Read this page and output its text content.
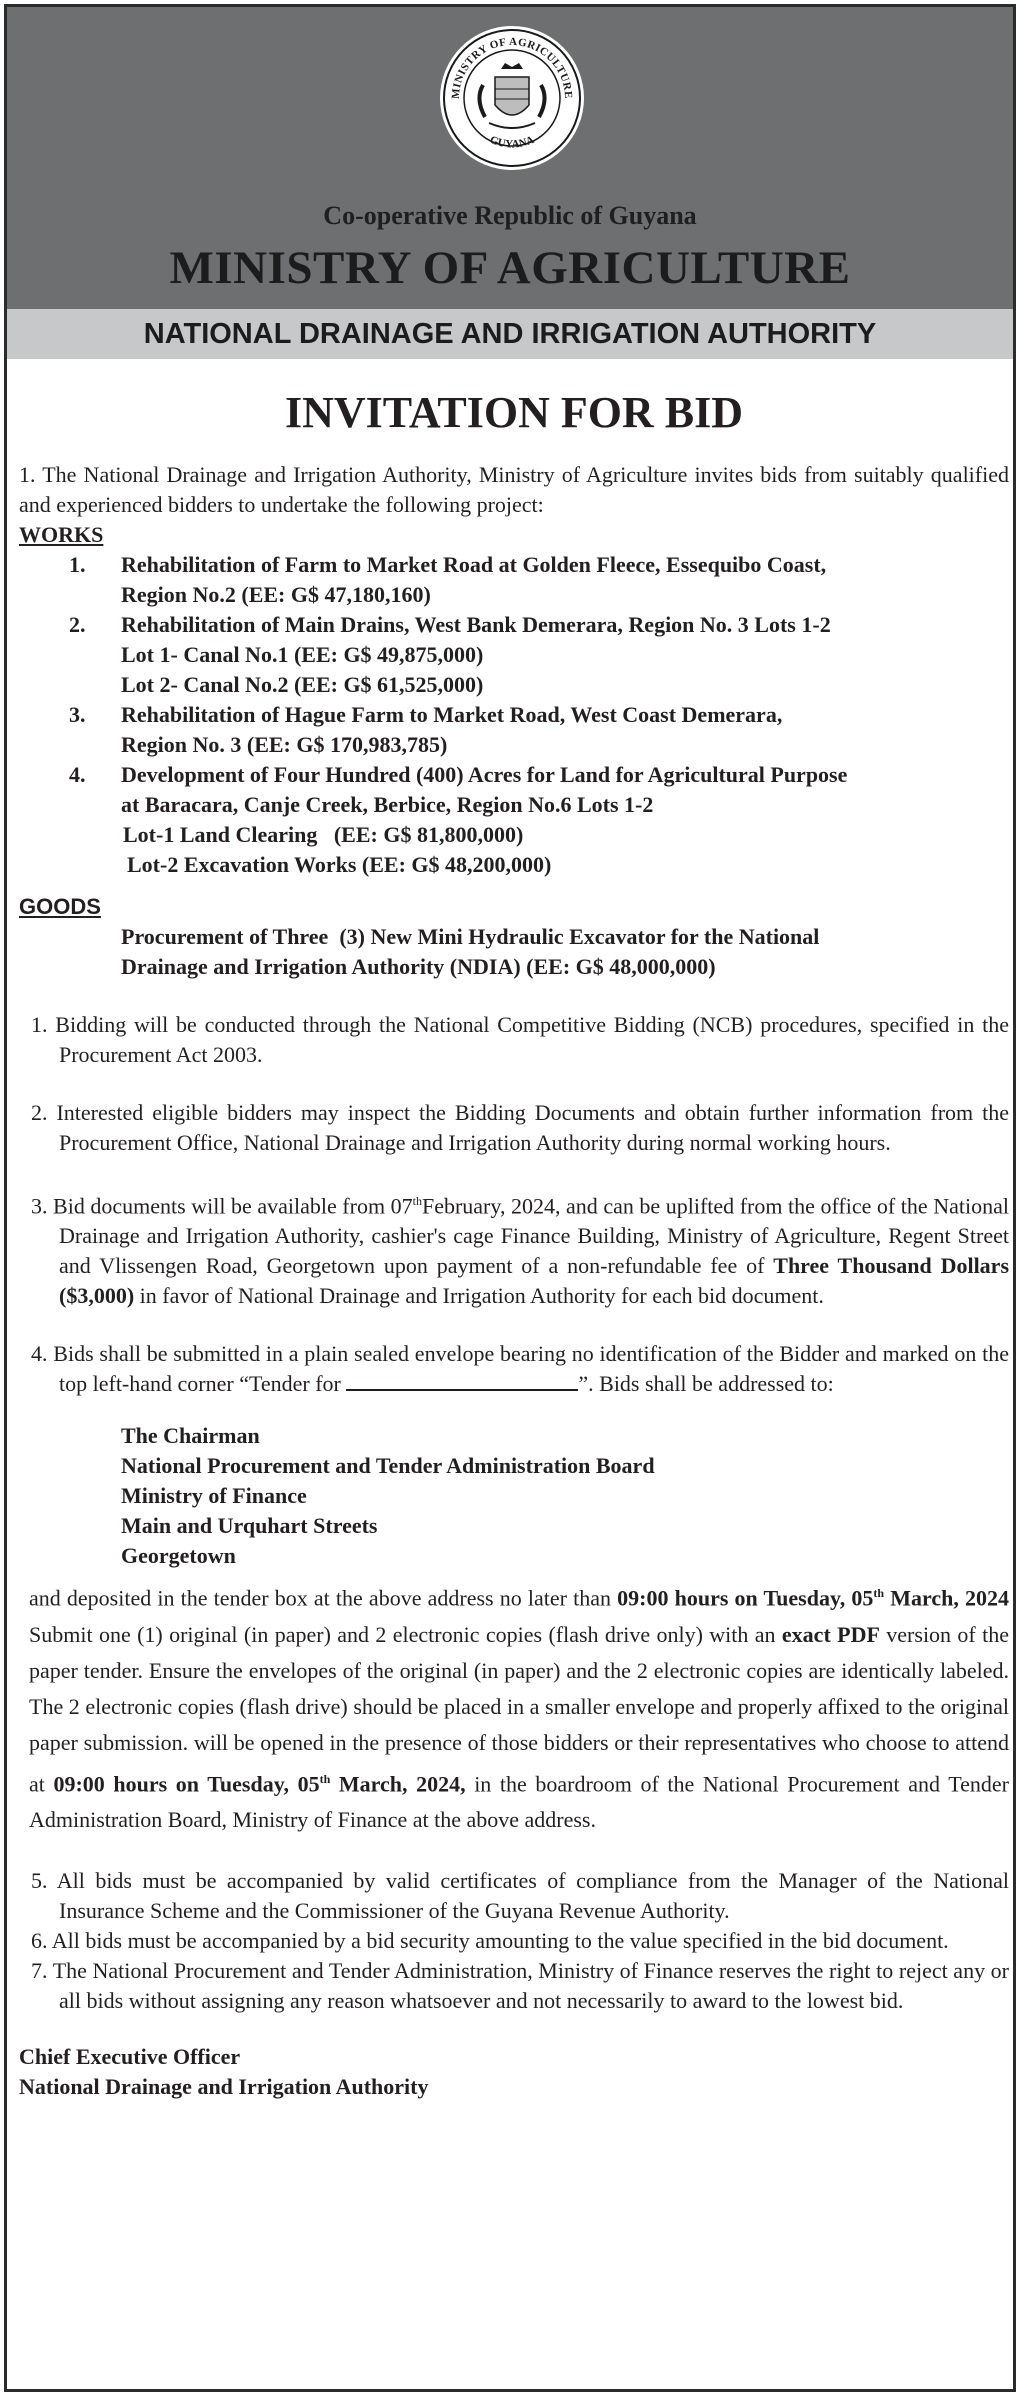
MINISTRY OF AGRICULTURE
GUYANA
Co-operative Republic of Guyana
MINISTRY OF AGRICULTURE
NATIONAL DRAINAGE AND IRRIGATION AUTHORITY
INVITATION FOR BID

1. The National Drainage and Irrigation Authority, Ministry of Agriculture invites bids from suitably qualified and experienced bidders to undertake the following project:

WORKS
1. Rehabilitation of Farm to Market Road at Golden Fleece, Essequibo Coast,
Region No.2 (EE: G$ 47,180,160)
2. Rehabilitation of Main Drains, West Bank Demerara, Region No. 3 Lots 1-2
Lot 1- Canal No.1 (EE: G$ 49,875,000)
Lot 2- Canal No.2 (EE: G$ 61,525,000)
3. Rehabilitation of Hague Farm to Market Road, West Coast Demerara,
Region No. 3 (EE: G$ 170,983,785)
4. Development of Four Hundred (400) Acres for Land for Agricultural Purpose
at Baracara, Canje Creek, Berbice, Region No.6 Lots 1-2
Lot-1 Land Clearing   (EE: G$ 81,800,000)
Lot-2 Excavation Works (EE: G$ 48,200,000)
GOODS
Procurement of Three  (3) New Mini Hydraulic Excavator for the National
Drainage and Irrigation Authority (NDIA) (EE: G$ 48,000,000)

1. Bidding will be conducted through the National Competitive Bidding (NCB) procedures, specified in the Procurement Act 2003.

2. Interested eligible bidders may inspect the Bidding Documents and obtain further information from the Procurement Office, National Drainage and Irrigation Authority during normal working hours.

3. Bid documents will be available from 07thFebruary, 2024, and can be uplifted from the office of the National Drainage and Irrigation Authority, cashier's cage Finance Building, Ministry of Agriculture, Regent Street and Vlissengen Road, Georgetown upon payment of a non-refundable fee of Three Thousand Dollars ($3,000) in favor of National Drainage and Irrigation Authority for each bid document.

4. Bids shall be submitted in a plain sealed envelope bearing no identification of the Bidder and marked on the top left-hand corner “Tender for	”. Bids shall be addressed to:

The Chairman
National Procurement and Tender Administration Board
Ministry of Finance
Main and Urquhart Streets
Georgetown

and deposited in the tender box at the above address no later than 09:00 hours on Tuesday, 05th March, 2024 Submit one (1) original (in paper) and 2 electronic copies (flash drive only) with an exact PDF version of the paper tender. Ensure the envelopes of the original (in paper) and the 2 electronic copies are identically labeled. The 2 electronic copies (flash drive) should be placed in a smaller envelope and properly affixed to the original paper submission. will be opened in the presence of those bidders or their representatives who choose to attend at 09:00 hours on Tuesday, 05th March, 2024, in the boardroom of the National Procurement and Tender Administration Board, Ministry of Finance at the above address.

5. All bids must be accompanied by valid certificates of compliance from the Manager of the National Insurance Scheme and the Commissioner of the Guyana Revenue Authority.

6. All bids must be accompanied by a bid security amounting to the value specified in the bid document.

7. The National Procurement and Tender Administration, Ministry of Finance reserves the right to reject any or all bids without assigning any reason whatsoever and not necessarily to award to the lowest bid.

Chief Executive Officer
National Drainage and Irrigation Authority
